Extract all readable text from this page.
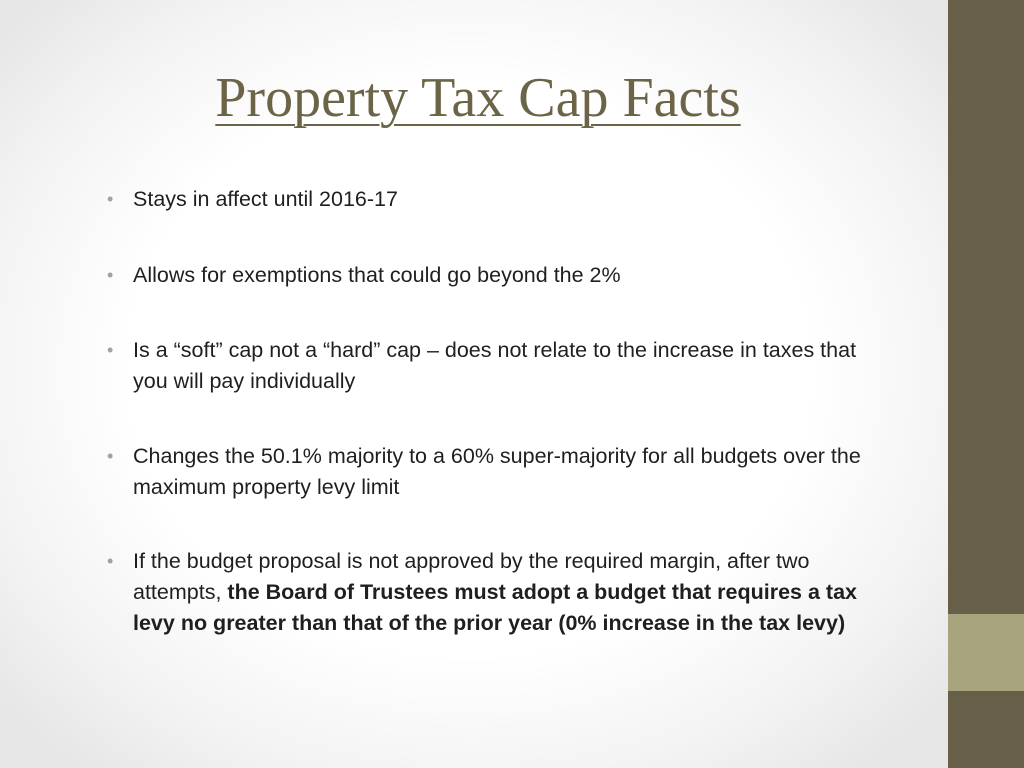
Property Tax Cap Facts
• Stays in affect until 2016-17
• Allows for exemptions that could go beyond the 2%
• Is a “soft” cap not a “hard” cap – does not relate to the increase in taxes that you will pay individually
• Changes the 50.1% majority to a 60% super-majority for all budgets over the maximum property levy limit
• If the budget proposal is not approved by the required margin, after two attempts, the Board of Trustees must adopt a budget that requires a tax levy no greater than that of the prior year (0% increase in the tax levy)
